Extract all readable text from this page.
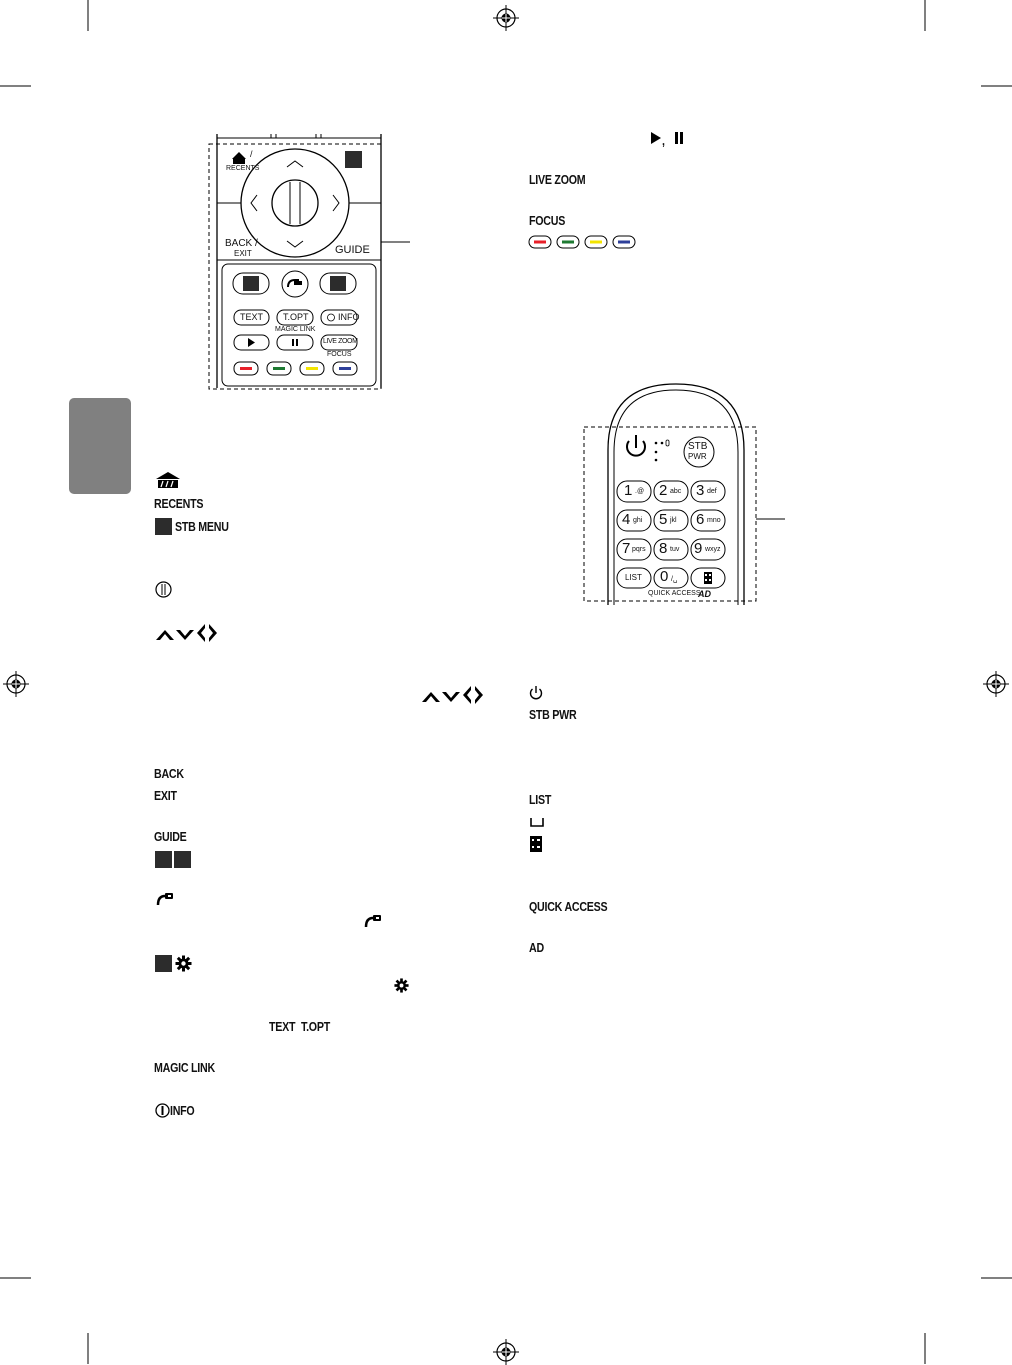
/
RECENTS
BACK /
EXIT	GUIDE
TEXT T.OPT	INFO
MAGIC LINK
LIVE ZOOM
FOCUS
STB
PWR
1 .@ 2 abc 3 def
4 ghi 5 jkl 6 mno
7 pqrs 8 tuv 9 wxyz
LIST 0 /␣
QUICK ACCESS
AD
RECENTS
STB MENU
BACK
EXIT
GUIDE
TEXT T.OPT
MAGIC LINK
INFO
,
LIVE ZOOM
FOCUS
STB PWR
LIST
QUICK ACCESS
AD
